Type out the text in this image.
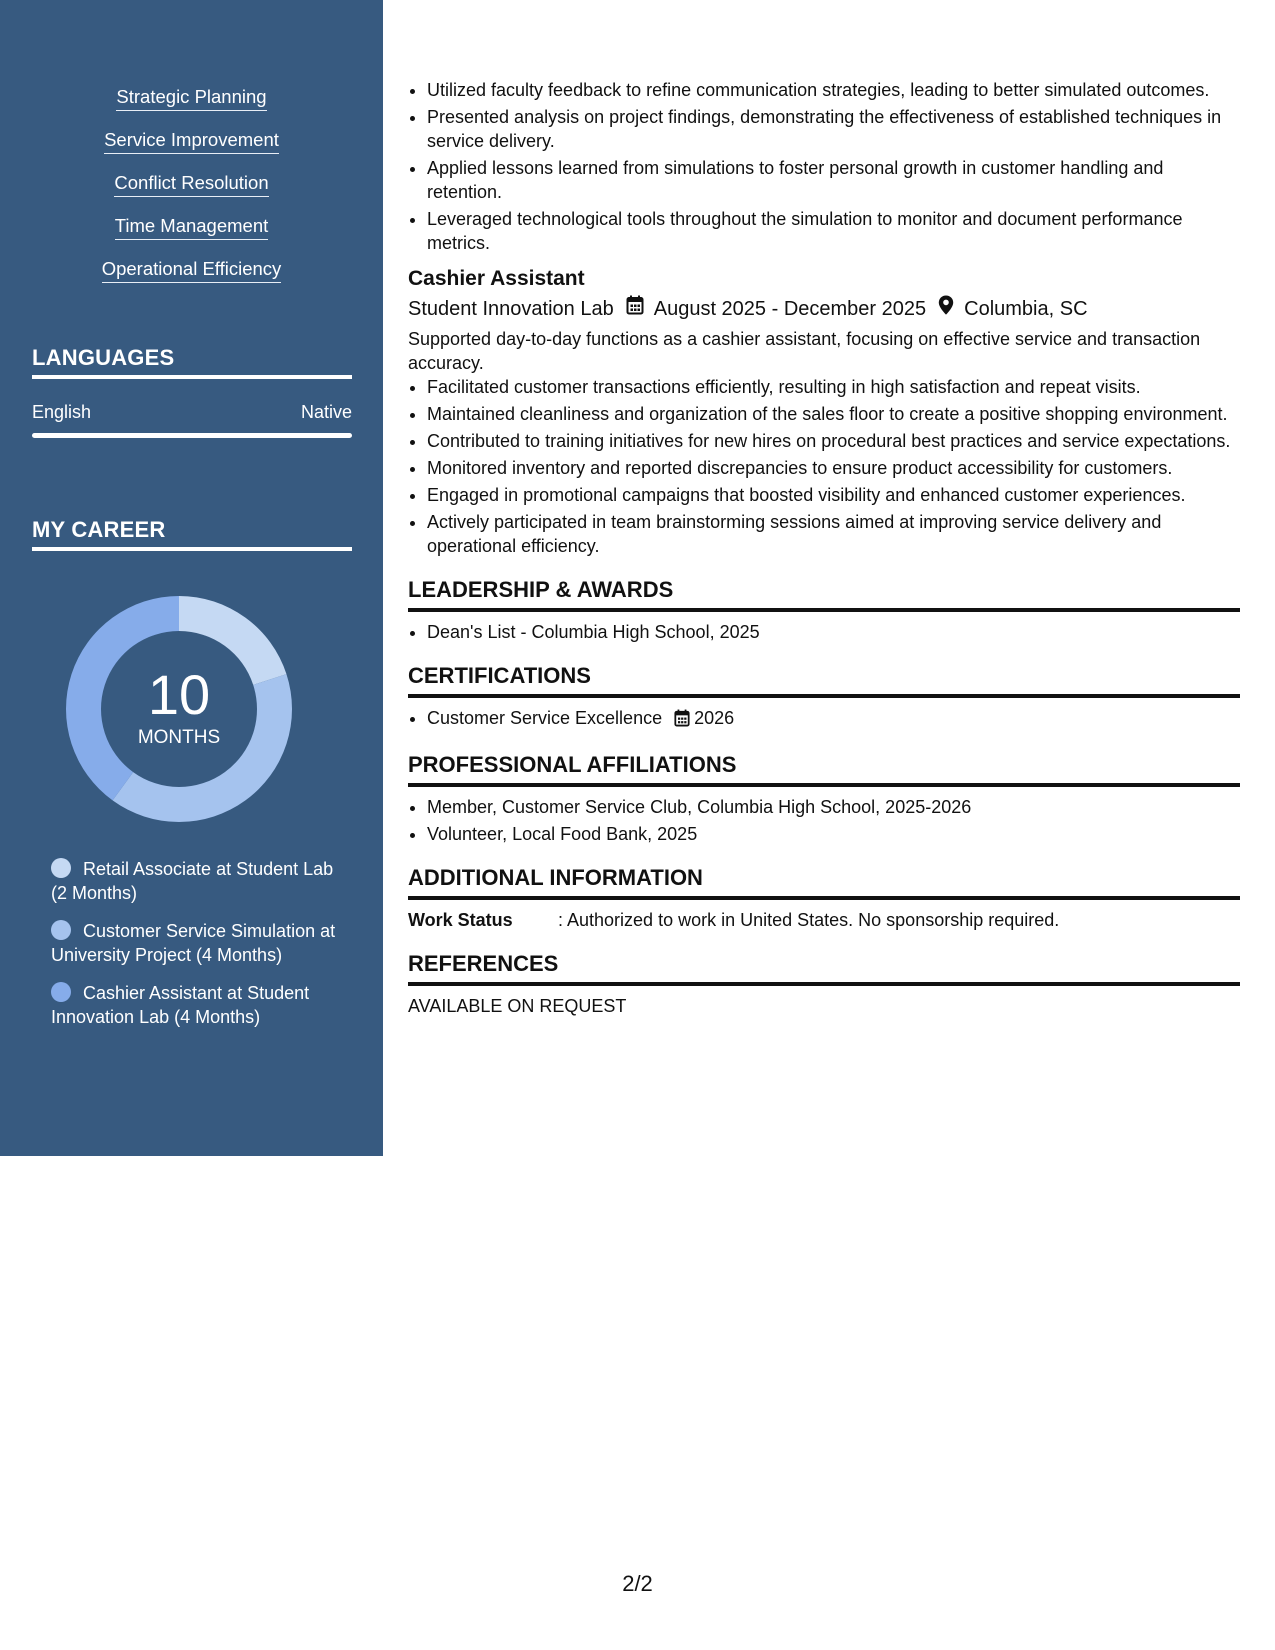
Strategic Planning
Service Improvement
Conflict Resolution
Time Management
Operational Efficiency
LANGUAGES
English	Native
MY CAREER
10
MONTHS
Retail Associate at Student Lab (2 Months)
Customer Service Simulation at University Project (4 Months)
Cashier Assistant at Student Innovation Lab (4 Months)
• Utilized faculty feedback to refine communication strategies, leading to better simulated outcomes.
• Presented analysis on project findings, demonstrating the effectiveness of established techniques in service delivery.
• Applied lessons learned from simulations to foster personal growth in customer handling and retention.
• Leveraged technological tools throughout the simulation to monitor and document performance metrics.
Cashier Assistant
Student Innovation Lab August 2025 - December 2025 Columbia, SC
Supported day-to-day functions as a cashier assistant, focusing on effective service and transaction accuracy.
• Facilitated customer transactions efficiently, resulting in high satisfaction and repeat visits.
• Maintained cleanliness and organization of the sales floor to create a positive shopping environment.
• Contributed to training initiatives for new hires on procedural best practices and service expectations.
• Monitored inventory and reported discrepancies to ensure product accessibility for customers.
• Engaged in promotional campaigns that boosted visibility and enhanced customer experiences.
• Actively participated in team brainstorming sessions aimed at improving service delivery and operational efficiency.
LEADERSHIP & AWARDS
• Dean's List - Columbia High School, 2025
CERTIFICATIONS
• Customer Service Excellence 2026
PROFESSIONAL AFFILIATIONS
• Member, Customer Service Club, Columbia High School, 2025-2026
• Volunteer, Local Food Bank, 2025
ADDITIONAL INFORMATION
Work Status	: Authorized to work in United States. No sponsorship required.
REFERENCES
AVAILABLE ON REQUEST
2/2
